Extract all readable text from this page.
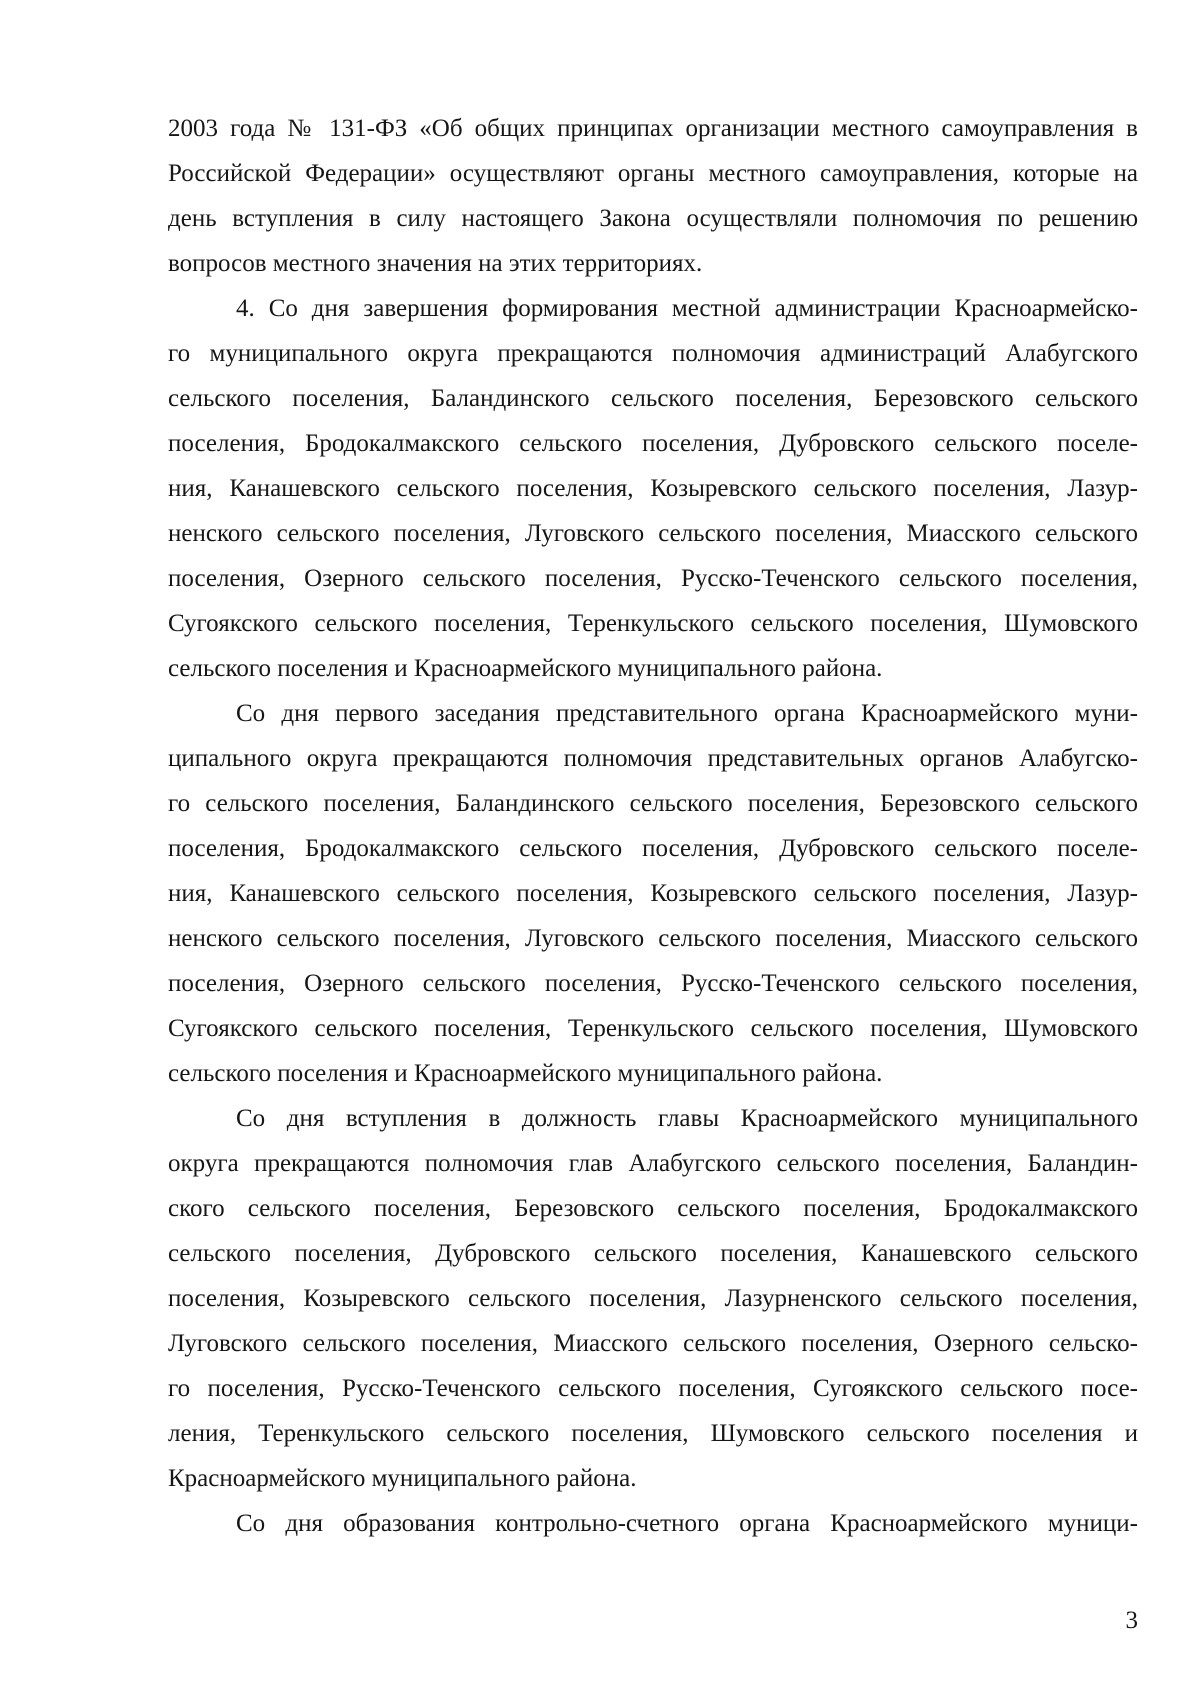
2003 года № 131-ФЗ «Об общих принципах организации местного самоуправления в
Российской Федерации» осуществляют органы местного самоуправления, которые на
день вступления в силу настоящего Закона осуществляли полномочия по решению
вопросов местного значения на этих территориях.
4. Со дня завершения формирования местной администрации Красноармейско-
го муниципального округа прекращаются полномочия администраций Алабугского
сельского поселения, Баландинского сельского поселения, Березовского сельского
поселения, Бродокалмакского сельского поселения, Дубровского сельского поселе-
ния, Канашевского сельского поселения, Козыревского сельского поселения, Лазур-
ненского сельского поселения, Луговского сельского поселения, Миасского сельского
поселения, Озерного сельского поселения, Русско-Теченского сельского поселения,
Сугоякского сельского поселения, Теренкульского сельского поселения, Шумовского
сельского поселения и Красноармейского муниципального района.
Со дня первого заседания представительного органа Красноармейского муни-
ципального округа прекращаются полномочия представительных органов Алабугско-
го сельского поселения, Баландинского сельского поселения, Березовского сельского
поселения, Бродокалмакского сельского поселения, Дубровского сельского поселе-
ния, Канашевского сельского поселения, Козыревского сельского поселения, Лазур-
ненского сельского поселения, Луговского сельского поселения, Миасского сельского
поселения, Озерного сельского поселения, Русско-Теченского сельского поселения,
Сугоякского сельского поселения, Теренкульского сельского поселения, Шумовского
сельского поселения и Красноармейского муниципального района.
Со дня вступления в должность главы Красноармейского муниципального
округа прекращаются полномочия глав Алабугского сельского поселения, Баландин-
ского сельского поселения, Березовского сельского поселения, Бродокалмакского
сельского поселения, Дубровского сельского поселения, Канашевского сельского
поселения, Козыревского сельского поселения, Лазурненского сельского поселения,
Луговского сельского поселения, Миасского сельского поселения, Озерного сельско-
го поселения, Русско-Теченского сельского поселения, Сугоякского сельского посе-
ления, Теренкульского сельского поселения, Шумовского сельского поселения и
Красноармейского муниципального района.
Со дня образования контрольно-счетного органа Красноармейского муници-
3
